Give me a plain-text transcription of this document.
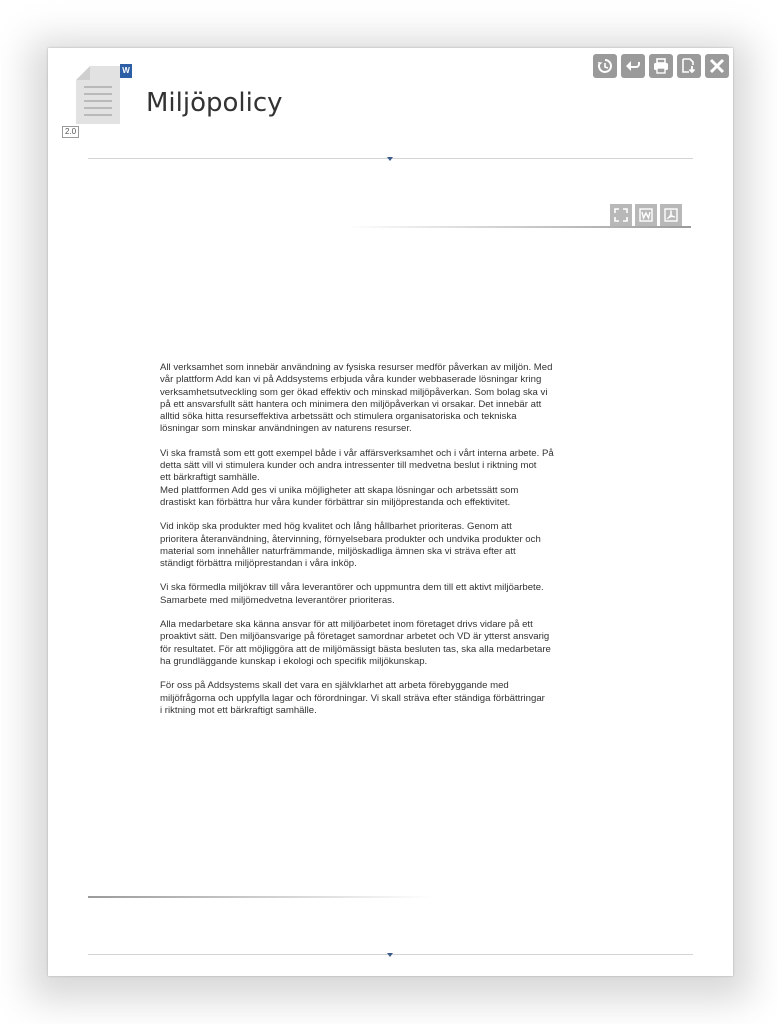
W
2.0
Miljöpolicy

All verksamhet som innebär användning av fysiska resurser medför påverkan av miljön. Med
vår plattform Add kan vi på Addsystems erbjuda våra kunder webbaserade lösningar kring
verksamhetsutveckling som ger ökad effektiv och minskad miljöpåverkan. Som bolag ska vi
på ett ansvarsfullt sätt hantera och minimera den miljöpåverkan vi orsakar. Det innebär att
alltid söka hitta resurseffektiva arbetssätt och stimulera organisatoriska och tekniska
lösningar som minskar användningen av naturens resurser.

Vi ska framstå som ett gott exempel både i vår affärsverksamhet och i vårt interna arbete. På
detta sätt vill vi stimulera kunder och andra intressenter till medvetna beslut i riktning mot
ett bärkraftigt samhälle.
Med plattformen Add ges vi unika möjligheter att skapa lösningar och arbetssätt som
drastiskt kan förbättra hur våra kunder förbättrar sin miljöprestanda och effektivitet.

Vid inköp ska produkter med hög kvalitet och lång hållbarhet prioriteras. Genom att
prioritera återanvändning, återvinning, förnyelsebara produkter och undvika produkter och
material som innehåller naturfrämmande, miljöskadliga ämnen ska vi sträva efter att
ständigt förbättra miljöprestandan i våra inköp.

Vi ska förmedla miljökrav till våra leverantörer och uppmuntra dem till ett aktivt miljöarbete.
Samarbete med miljömedvetna leverantörer prioriteras.

Alla medarbetare ska känna ansvar för att miljöarbetet inom företaget drivs vidare på ett
proaktivt sätt. Den miljöansvarige på företaget samordnar arbetet och VD är ytterst ansvarig
för resultatet. För att möjliggöra att de miljömässigt bästa besluten tas, ska alla medarbetare
ha grundläggande kunskap i ekologi och specifik miljökunskap.

För oss på Addsystems skall det vara en självklarhet att arbeta förebyggande med
miljöfrågorna och uppfylla lagar och förordningar. Vi skall sträva efter ständiga förbättringar
i riktning mot ett bärkraftigt samhälle.
